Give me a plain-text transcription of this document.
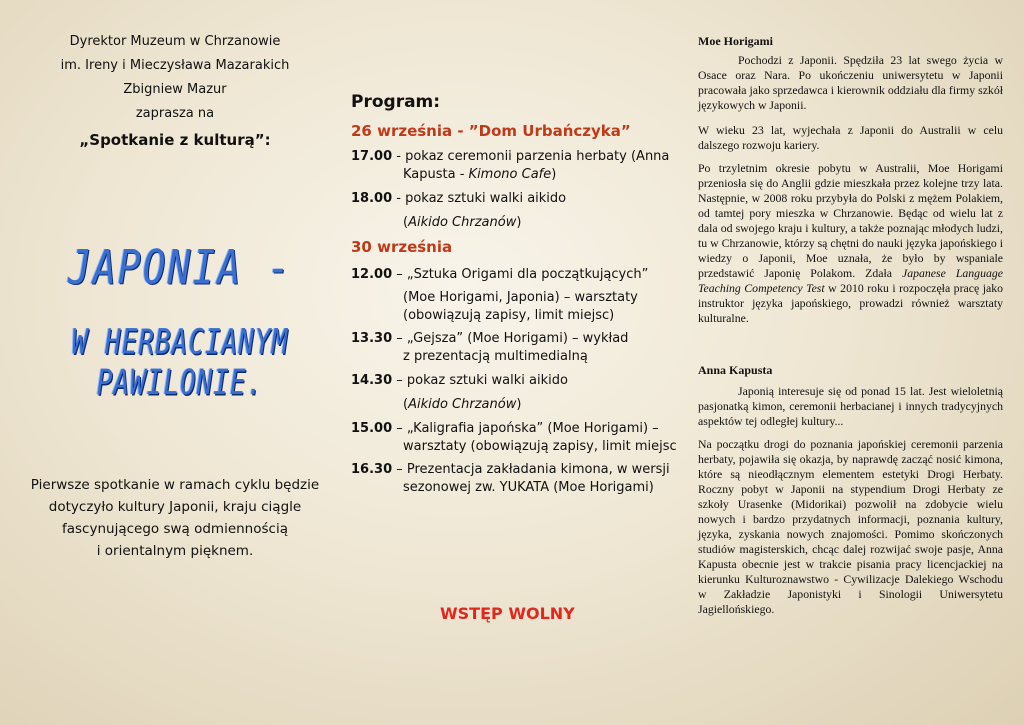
Dyrektor Muzeum w Chrzanowie
im. Ireny i Mieczysława Mazarakich
Zbigniew Mazur
zaprasza na
„Spotkanie z kulturą”:
JAPONIA -
W HERBACIANYM PAWILONIE.
Pierwsze spotkanie w ramach cyklu będzie
dotyczyło kultury Japonii, kraju ciągle
fascynującego swą odmiennością
i orientalnym pięknem.
Program:
26 września - ”Dom Urbańczyka”
17.00 - pokaz ceremonii parzenia herbaty (Anna
Kapusta - Kimono Cafe)
18.00 - pokaz sztuki walki aikido
(Aikido Chrzanów)
30 września
12.00 – „Sztuka Origami dla początkujących”
(Moe Horigami, Japonia) – warsztaty
(obowiązują zapisy, limit miejsc)
13.30 – „Gejsza” (Moe Horigami) – wykład
z prezentacją multimedialną
14.30 – pokaz sztuki walki aikido
(Aikido Chrzanów)
15.00 – „Kaligrafia japońska” (Moe Horigami) –
warsztaty (obowiązują zapisy, limit miejsc
16.30 – Prezentacja zakładania kimona, w wersji
sezonowej zw. YUKATA (Moe Horigami)
WSTĘP WOLNY
Moe Horigami

Pochodzi z Japonii. Spędziła 23 lat swego życia w Osace oraz Nara. Po ukończeniu uniwersytetu w Japonii pracowała jako sprzedawca i kierownik oddziału dla firmy szkół językowych w Japonii.

W wieku 23 lat, wyjechała z Japonii do Australii w celu dalszego rozwoju kariery.

Po trzyletnim okresie pobytu w Australii, Moe Horigami przeniosła się do Anglii gdzie mieszkała przez kolejne trzy lata. Następnie, w 2008 roku przybyła do Polski z mężem Polakiem, od tamtej pory mieszka w Chrzanowie. Będąc od wielu lat z dala od swojego kraju i kultury, a także poznając młodych ludzi, tu w Chrzanowie, którzy są chętni do nauki języka japońskiego i wiedzy o Japonii, Moe uznała, że było by wspaniale przedstawić Japonię Polakom. Zdała Japanese Language Teaching Competency Test w 2010 roku i rozpoczęła pracę jako instruktor języka japońskiego, prowadzi również warsztaty kulturalne.

Anna Kapusta

Japonią interesuje się od ponad 15 lat. Jest wieloletnią pasjonatką kimon, ceremonii herbacianej i innych tradycyjnych aspektów tej odległej kultury...

Na początku drogi do poznania japońskiej ceremonii parzenia herbaty, pojawiła się okazja, by naprawdę zacząć nosić kimona, które są nieodłącznym elementem estetyki Drogi Herbaty. Roczny pobyt w Japonii na stypendium Drogi Herbaty ze szkoły Urasenke (Midorikai) pozwolił na zdobycie wielu nowych i bardzo przydatnych informacji, poznania kultury, języka, zyskania nowych znajomości. Pomimo skończonych studiów magisterskich, chcąc dalej rozwijać swoje pasje, Anna Kapusta obecnie jest w trakcie pisania pracy licencjackiej na kierunku Kulturoznawstwo - Cywilizacje Dalekiego Wschodu w Zakładzie Japonistyki i Sinologii Uniwersytetu Jagiellońskiego.
